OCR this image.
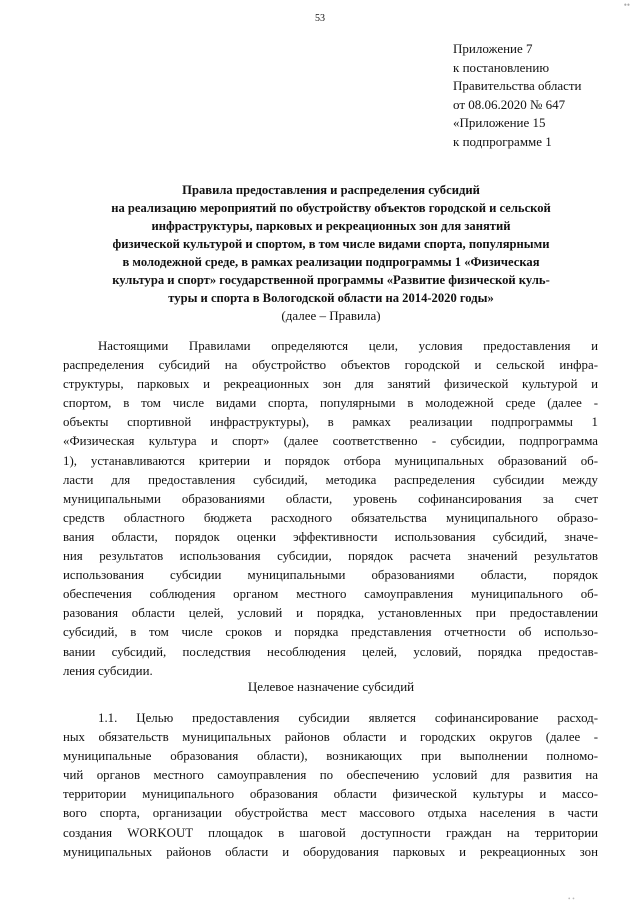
••
53
Приложение 7
к постановлению
Правительства области
от 08.06.2020 № 647
«Приложение 15
к подпрограмме 1
Правила предоставления и распределения субсидий
на реализацию мероприятий по обустройству объектов городской и сельской
инфраструктуры, парковых и рекреационных зон для занятий
физической культурой и спортом, в том числе видами спорта, популярными
в молодежной среде, в рамках реализации подпрограммы 1 «Физическая
культура и спорт» государственной программы «Развитие физической куль-
туры и спорта в Вологодской области на 2014-2020 годы»
(далее – Правила)
Настоящими Правилами определяются цели, условия предоставления и
распределения субсидий на обустройство объектов городской и сельской инфра-
структуры, парковых и рекреационных зон для занятий физической культурой и
спортом, в том числе видами спорта, популярными в молодежной среде (далее -
объекты спортивной инфраструктуры), в рамках реализации подпрограммы 1
«Физическая культура и спорт» (далее соответственно - субсидии, подпрограмма
1), устанавливаются критерии и порядок отбора муниципальных образований об-
ласти для предоставления субсидий, методика распределения субсидии между
муниципальными образованиями области, уровень софинансирования за счет
средств областного бюджета расходного обязательства муниципального образо-
вания области, порядок оценки эффективности использования субсидий, значе-
ния результатов использования субсидии, порядок расчета значений результатов
использования субсидии муниципальными образованиями области, порядок
обеспечения соблюдения органом местного самоуправления муниципального об-
разования области целей, условий и порядка, установленных при предоставлении
субсидий, в том числе сроков и порядка представления отчетности об использо-
вании субсидий, последствия несоблюдения целей, условий, порядка предостав-
ления субсидии.
Целевое назначение субсидий
1.1. Целью предоставления субсидии является софинансирование расход-
ных обязательств муниципальных районов области и городских округов (далее -
муниципальные образования области), возникающих при выполнении полномо-
чий органов местного самоуправления по обеспечению условий для развития на
территории муниципального образования области физической культуры и массо-
вого спорта, организации обустройства мест массового отдыха населения в части
создания WORKOUT площадок в шаговой доступности граждан на территории
муниципальных районов области и оборудования парковых и рекреационных зон
• •
